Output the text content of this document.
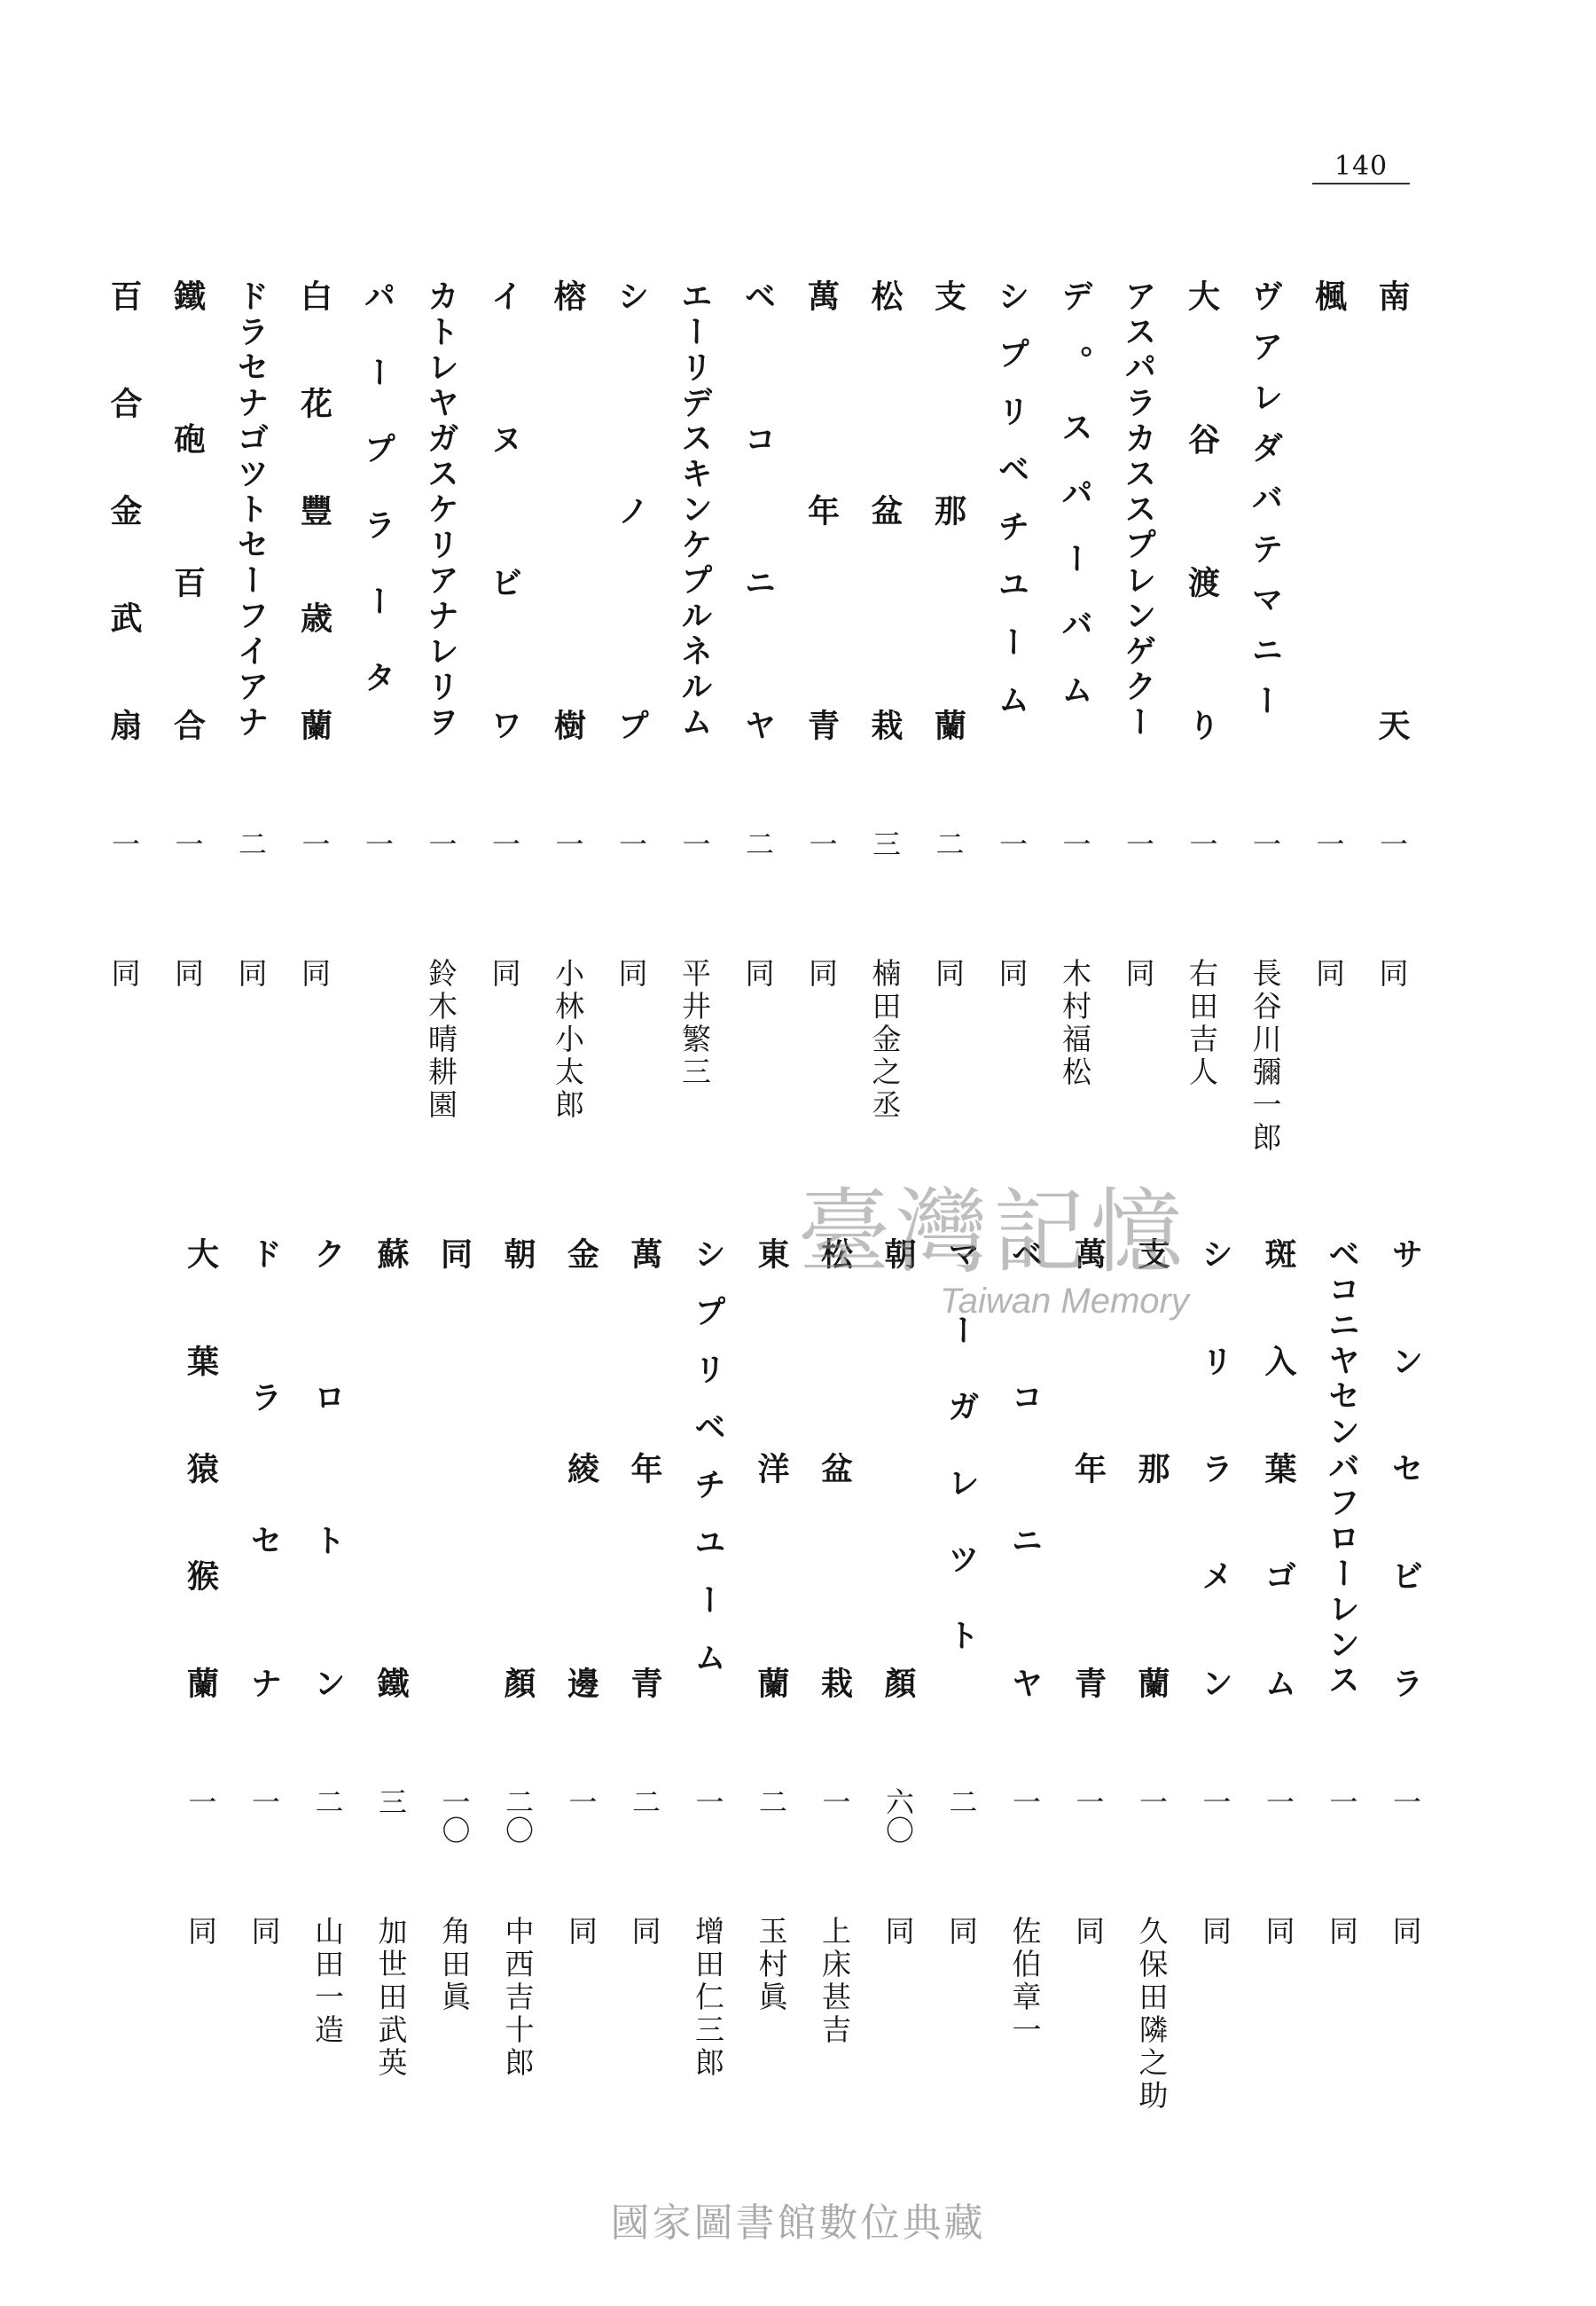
140
南天
一
同
楓
一
同
ヴアレダバテマニー
一
長谷川彌一郎
大谷渡り
一
右田吉人
アスパラカススプレンゲクー
一
同
デ。スパーバム
一
木村福松
シプリベチユーム
一
同
支那蘭
二
同
松盆栽
三
楠田金之丞
萬年青
一
同
ベコニヤ
二
同
エーリデスキンケプルネルム
一
平井繁三
シノプ
一
同
榕樹
一
小林小太郎
イヌビワ
一
同
カトレヤガスケリアナレリヲ
一
鈴木晴耕園
パープラータ
一
白花豐歳蘭
一
同
ドラセナゴツトセーフイアナ
二
同
鐵砲百合
一
同
百合金武扇
一
同
サンセビラ
一
同
ベコニヤセンバフローレンス
一
同
斑入葉ゴム
一
同
シリラメン
一
同
支那蘭
一
久保田隣之助
萬年青
一
同
ベコニヤ
一
佐伯章一
マーガレツト
二
同
朝顏
六〇
同
松盆栽
一
上床甚吉
東洋蘭
二
玉村眞
シプリベチユーム
一
增田仁三郎
萬年青
二
同
金綾邊
一
同
朝顏
二〇
中西吉十郎
同
一〇
角田眞
蘇鐵
三
加世田武英
クロトン
二
山田一造
ドラセナ
一
同
大葉猿猴蘭
一
同
臺灣記憶
Taiwan Memory
國家圖書館數位典藏
